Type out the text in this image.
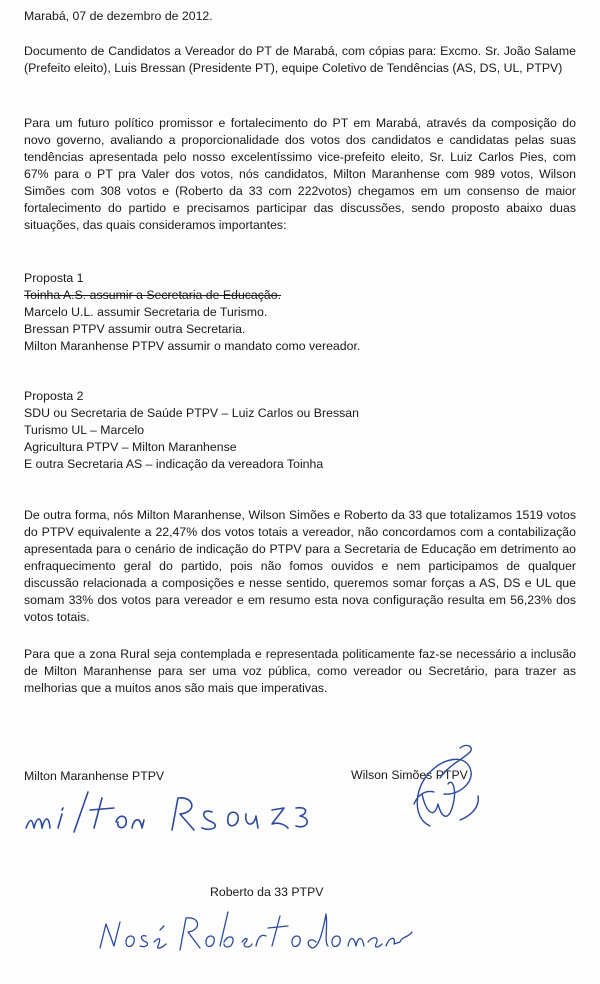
Marabá, 07 de dezembro de 2012.
Documento de Candidatos a Vereador do PT de Marabá, com cópias para: Excmo. Sr. João Salame (Prefeito eleito), Luis Bressan (Presidente PT), equipe Coletivo de Tendências (AS, DS, UL, PTPV)
Para um futuro político promissor e fortalecimento do PT em Marabá, através da composição do novo governo, avaliando a proporcionalidade dos votos dos candidatos e candidatas pelas suas tendências apresentada pelo nosso excelentíssimo vice-prefeito eleito, Sr. Luiz Carlos Pies, com 67% para o PT pra Valer dos votos, nós candidatos, Milton Maranhense com 989 votos, Wilson Simões com 308 votos e (Roberto da 33 com 222votos) chegamos em um consenso de maior fortalecimento do partido e precisamos participar das discussões, sendo proposto abaixo duas situações, das quais consideramos importantes:
Proposta 1
Toinha A.S. assumir a Secretaria de Educação.
Marcelo U.L. assumir Secretaria de Turismo.
Bressan PTPV assumir outra Secretaria.
Milton Maranhense PTPV assumir o mandato como vereador.
Proposta 2
SDU ou Secretaria de Saúde PTPV – Luiz Carlos ou Bressan
Turismo UL – Marcelo
Agricultura PTPV – Milton Maranhense
E outra Secretaria AS – indicação da vereadora Toinha
De outra forma, nós Milton Maranhense, Wilson Simões e Roberto da 33 que totalizamos 1519 votos do PTPV equivalente a 22,47% dos votos totais a vereador, não concordamos com a contabilização apresentada para o cenário de indicação do PTPV para a Secretaria de Educação em detrimento ao enfraquecimento geral do partido, pois não fomos ouvidos e nem participamos de qualquer discussão relacionada a composições e nesse sentido, queremos somar forças a AS, DS e UL que somam 33% dos votos para vereador e em resumo esta nova configuração resulta em 56,23% dos votos totais.
Para que a zona Rural seja contemplada e representada politicamente faz-se necessário a inclusão de Milton Maranhense para ser uma voz pública, como vereador ou Secretário, para trazer as melhorias que a muitos anos são mais que imperativas.
Milton Maranhense PTPV	Wilson Simões PTPV
Roberto da 33 PTPV
